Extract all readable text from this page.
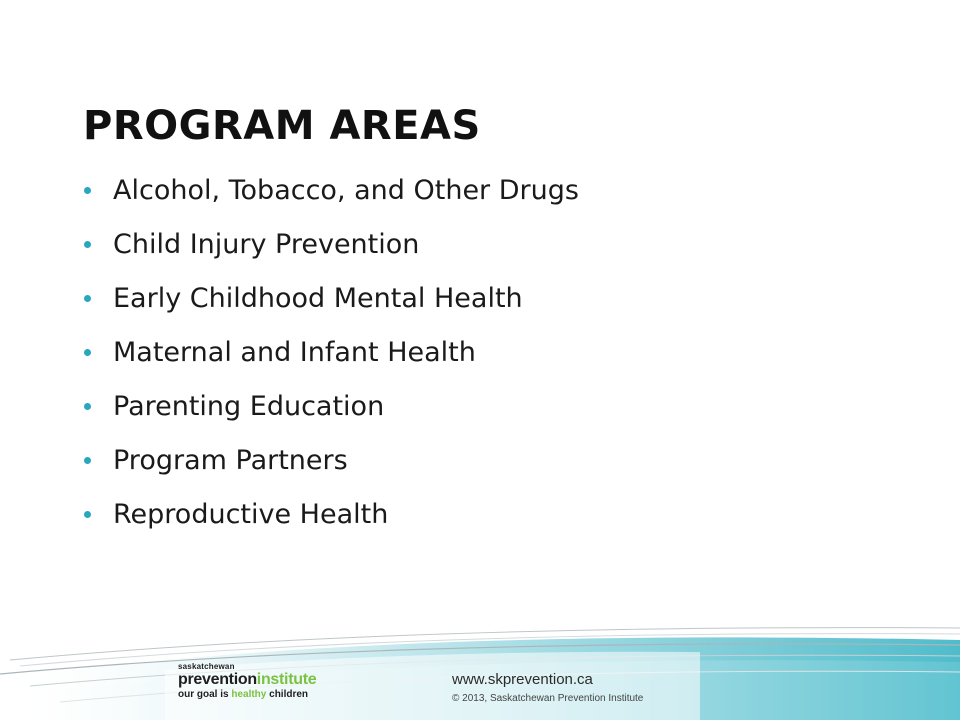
PROGRAM AREAS
Alcohol, Tobacco, and Other Drugs
Child Injury Prevention
Early Childhood Mental Health
Maternal and Infant Health
Parenting Education
Program Partners
Reproductive Health
saskatchewan
preventioninstitute
our goal is healthy children
www.skprevention.ca
© 2013, Saskatchewan Prevention Institute
